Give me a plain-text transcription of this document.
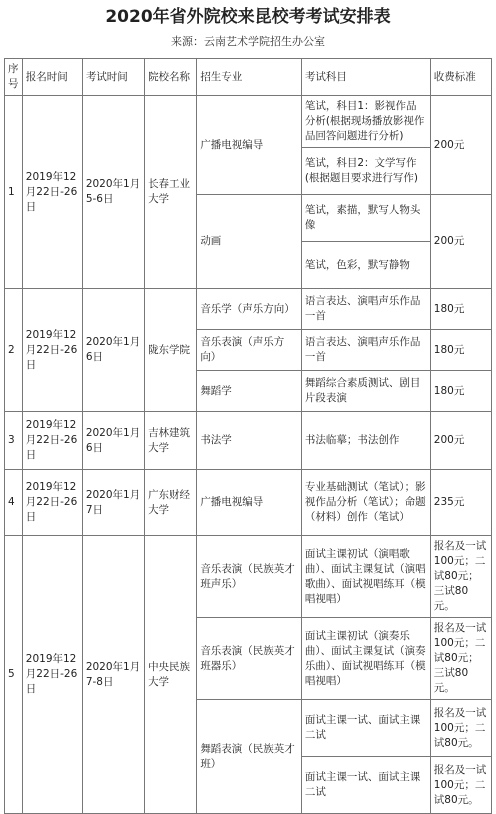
2020年省外院校来昆校考考试安排表
来源：云南艺术学院招生办公室
序号	报名时间	考试时间	院校名称	招生专业	考试科目	收费标准
1	2019年12月22日-26日	2020年1月5-6日	长春工业大学	广播电视编导	笔试，科目1：影视作品分析(根据现场播放影视作品回答问题进行分析)	200元
					笔试，科目2：文学写作(根据题目要求进行写作)	
				动画	笔试，素描，默写人物头像	200元
					笔试，色彩，默写静物	
2	2019年12月22日-26日	2020年1月6日	陇东学院	音乐学（声乐方向）	语言表达、演唱声乐作品一首	180元
				音乐表演（声乐方向）	语言表达、演唱声乐作品一首	180元
				舞蹈学	舞蹈综合素质测试、剧目片段表演	180元
3	2019年12月22日-26日	2020年1月6日	吉林建筑大学	书法学	书法临摹；书法创作	200元
4	2019年12月22日-26日	2020年1月7日	广东财经大学	广播电视编导	专业基础测试（笔试）；影视作品分析（笔试）；命题（材料）创作（笔试）	235元
5	2019年12月22日-26日	2020年1月7-8日	中央民族大学	音乐表演（民族英才班声乐）	面试主课初试（演唱歌曲）、面试主课复试（演唱歌曲）、面试视唱练耳（模唱视唱）	报名及一试100元；二试80元；三试80元。
				音乐表演（民族英才班器乐）	面试主课初试（演奏乐曲）、面试主课复试（演奏乐曲）、面试视唱练耳（模唱视唱）	报名及一试100元；二试80元；三试80元。
				舞蹈表演（民族英才班）	面试主课一试、面试主课二试	报名及一试100元；二试80元。
					面试主课一试、面试主课二试	报名及一试100元；二试80元。
